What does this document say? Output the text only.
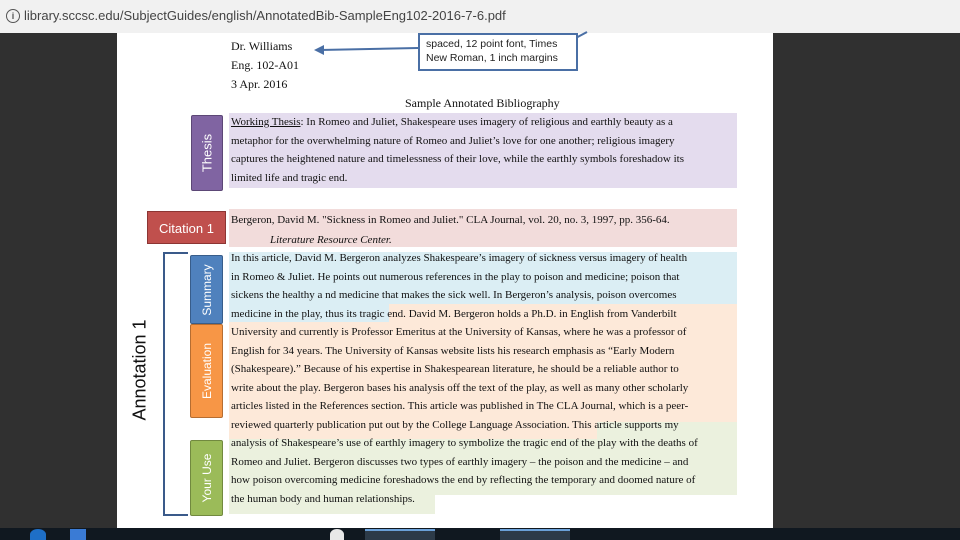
i library.sccsc.edu/SubjectGuides/english/AnnotatedBib-SampleEng102-2016-7-6.pdf
Dr. Williams
Eng. 102-A01
3 Apr. 2016
spaced, 12 point font, Times New Roman, 1 inch margins
Sample Annotated Bibliography
Thesis
Working Thesis: In Romeo and Juliet, Shakespeare uses imagery of religious and earthly beauty as a
metaphor for the overwhelming nature of Romeo and Juliet’s love for one another; religious imagery
captures the heightened nature and timelessness of their love, while the earthly symbols foreshadow its
limited life and tragic end.
Citation 1
Bergeron, David M. "Sickness in Romeo and Juliet." CLA Journal, vol. 20, no. 3, 1997, pp. 356-64.
Literature Resource Center.
Annotation 1
Summary
Evaluation
Your Use
In this article, David M. Bergeron analyzes Shakespeare’s imagery of sickness versus imagery of health
in Romeo & Juliet. He points out numerous references in the play to poison and medicine; poison that
sickens the healthy a nd medicine that makes the sick well. In Bergeron’s analysis, poison overcomes
medicine in the play, thus its tragic end. David M. Bergeron holds a Ph.D. in English from Vanderbilt
University and currently is Professor Emeritus at the University of Kansas, where he was a professor of
English for 34 years. The University of Kansas website lists his research emphasis as “Early Modern
(Shakespeare).” Because of his expertise in Shakespearean literature, he should be a reliable author to
write about the play. Bergeron bases his analysis off the text of the play, as well as many other scholarly
articles listed in the References section. This article was published in The CLA Journal, which is a peer-
reviewed quarterly publication put out by the College Language Association. This article supports my
analysis of Shakespeare’s use of earthly imagery to symbolize the tragic end of the play with the deaths of
Romeo and Juliet. Bergeron discusses two types of earthly imagery – the poison and the medicine – and
how poison overcoming medicine foreshadows the end by reflecting the temporary and doomed nature of
the human body and human relationships.
